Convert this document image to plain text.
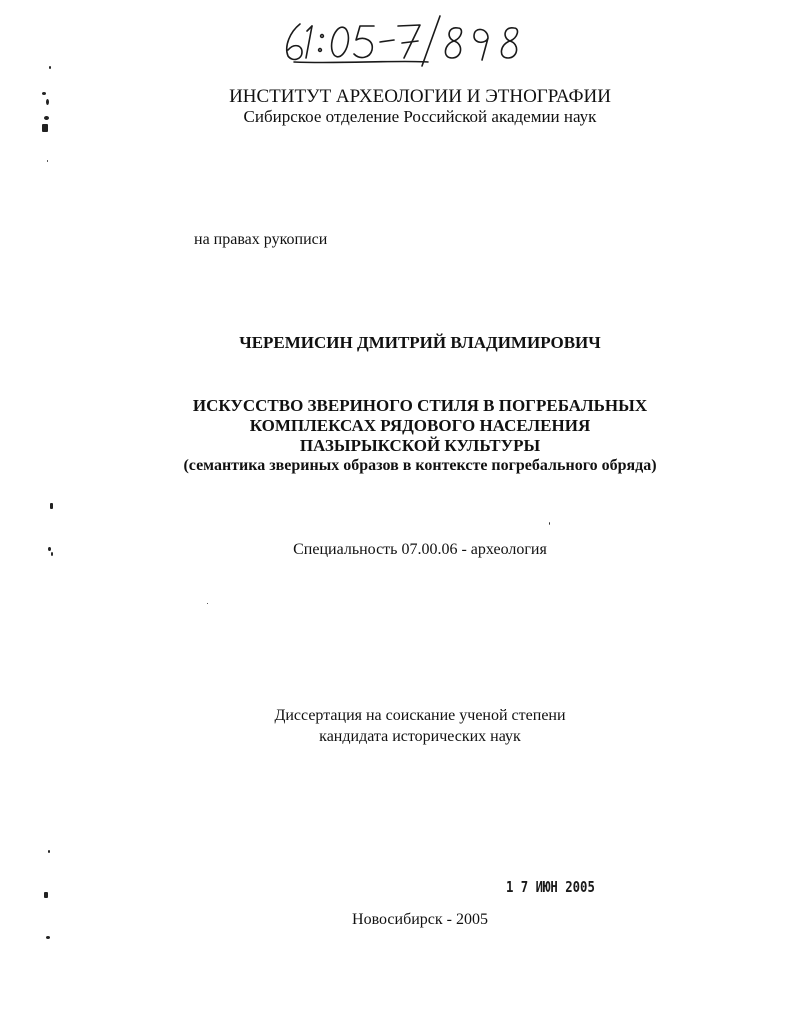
ИНСТИТУТ АРХЕОЛОГИИ И ЭТНОГРАФИИ
Сибирское отделение Российской академии наук
на правах рукописи
ЧЕРЕМИСИН ДМИТРИЙ ВЛАДИМИРОВИЧ
ИСКУССТВО ЗВЕРИНОГО СТИЛЯ В ПОГРЕБАЛЬНЫХ
КОМПЛЕКСАХ РЯДОВОГО НАСЕЛЕНИЯ
ПАЗЫРЫКСКОЙ КУЛЬТУРЫ
(семантика звериных образов в контексте погребального обряда)
Специальность 07.00.06 - археология
Диссертация на соискание ученой степени
кандидата исторических наук
1 7 ИЮН 2005
Новосибирск - 2005
